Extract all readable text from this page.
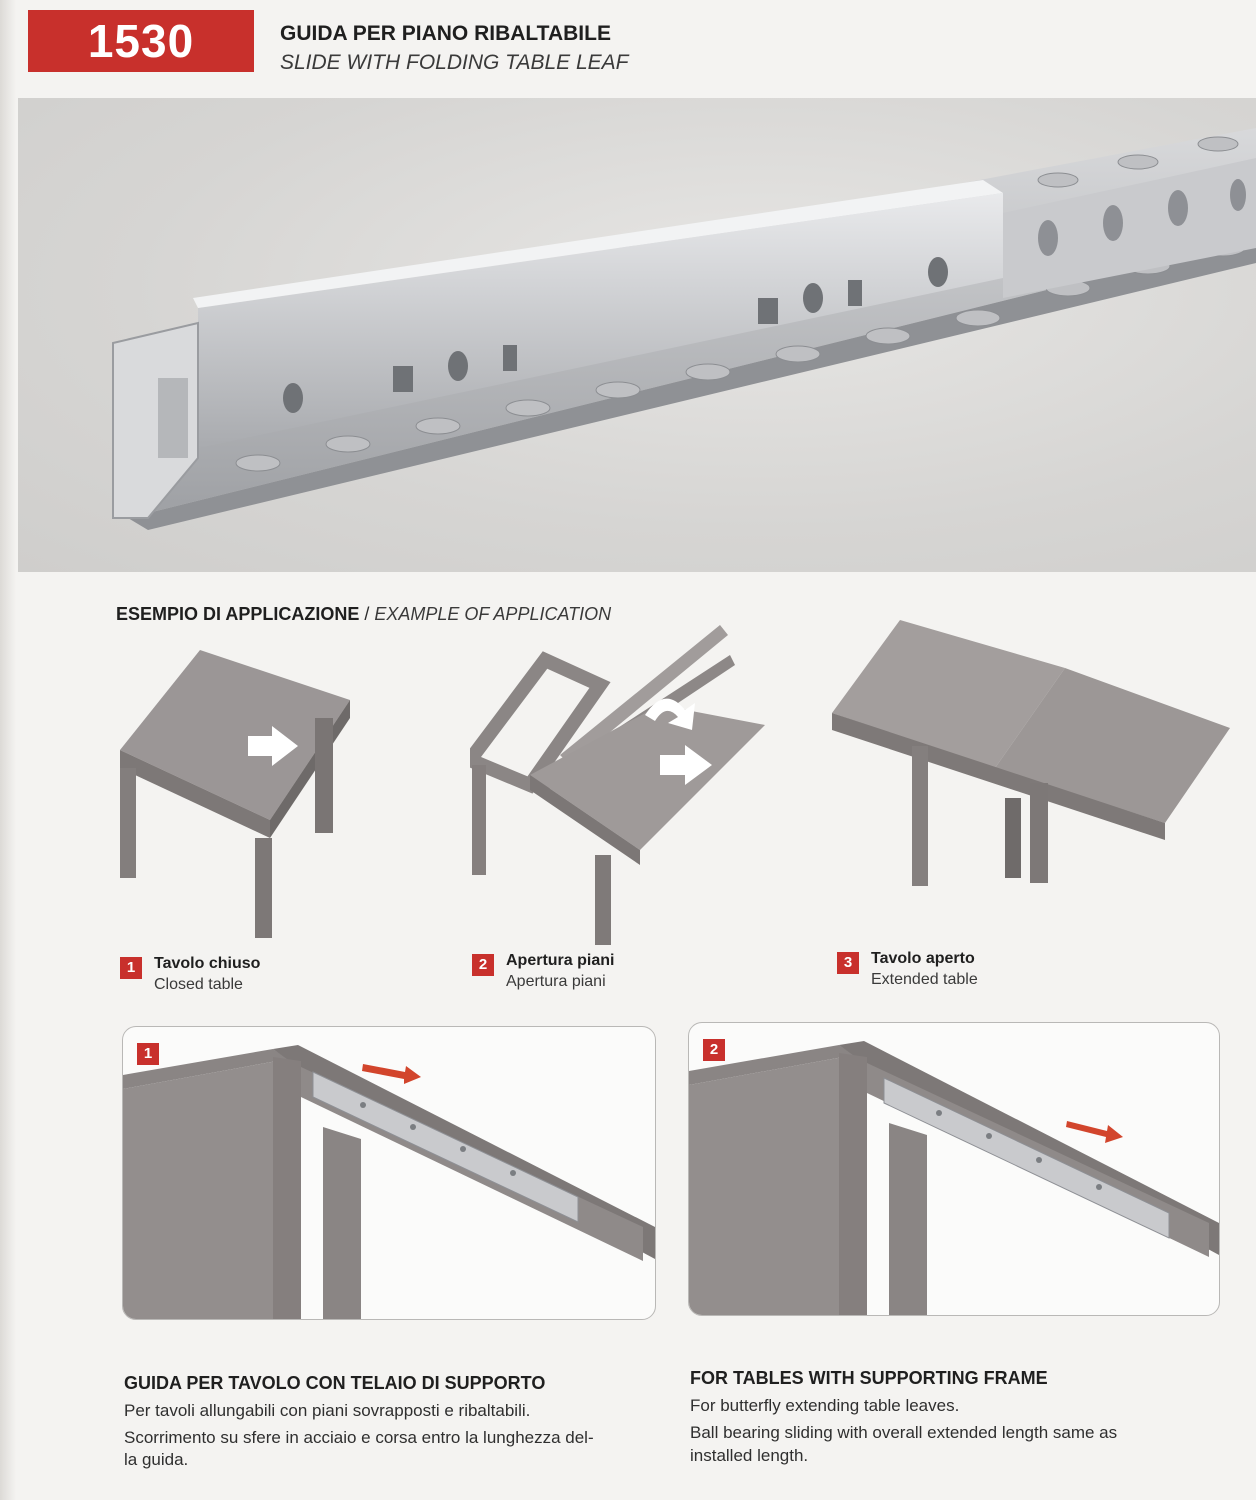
1530	GUIDA PER PIANO RIBALTABILE
SLIDE WITH FOLDING TABLE LEAF
ESEMPIO DI APPLICAZIONE / EXAMPLE OF APPLICATION
1	Tavolo chiuso
Closed table
2	Apertura piani
Apertura piani
3	Tavolo aperto
Extended table
1	2
GUIDA PER TAVOLO CON TELAIO DI SUPPORTO
Per tavoli allungabili con piani sovrapposti e ribaltabili.
Scorrimento su sfere in acciaio e corsa entro la lunghezza del-
la guida.
FOR TABLES WITH SUPPORTING FRAME
For butterfly extending table leaves.
Ball bearing sliding with overall extended length same as
installed length.
